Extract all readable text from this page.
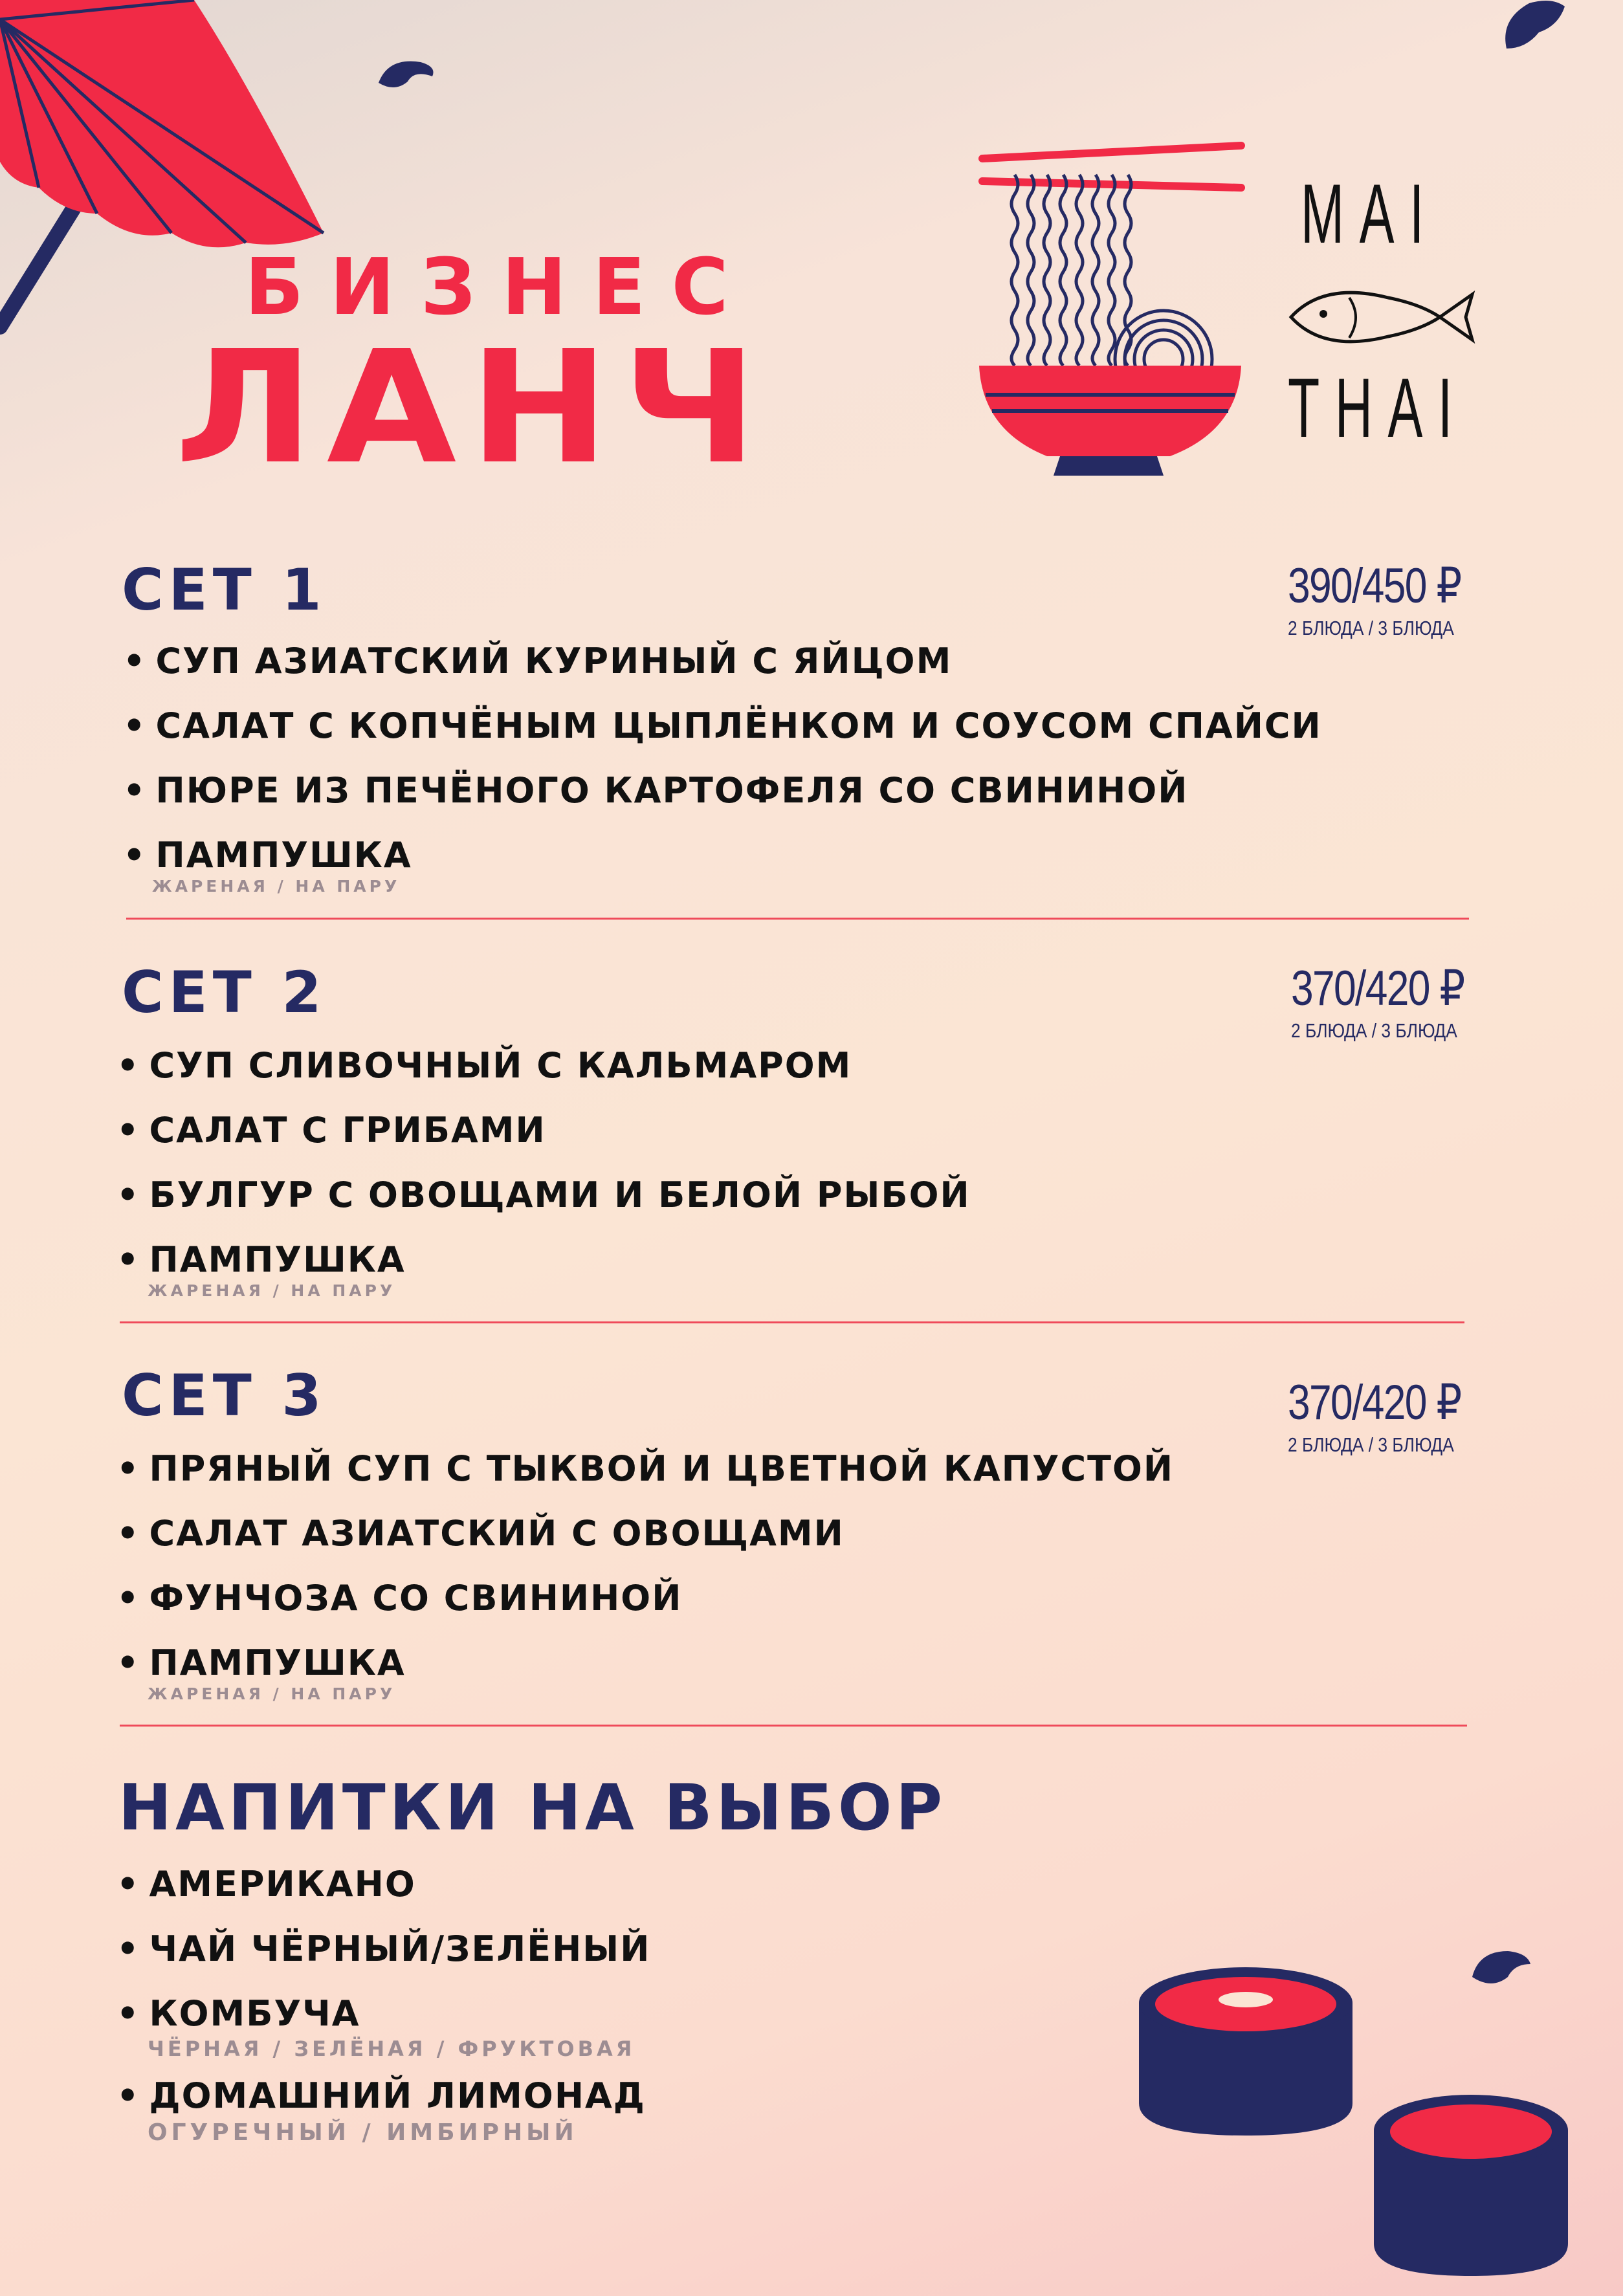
БИЗНЕС
ЛАНЧ
MAI
THAI
СЕТ 1	390/450 ₽
2 БЛЮДА / 3 БЛЮДА
• СУП АЗИАТСКИЙ КУРИНЫЙ С ЯЙЦОМ
• САЛАТ С КОПЧЁНЫМ ЦЫПЛЁНКОМ И СОУСОМ СПАЙСИ
• ПЮРЕ ИЗ ПЕЧЁНОГО КАРТОФЕЛЯ СО СВИНИНОЙ
• ПАМПУШКА
ЖАРЕНАЯ / НА ПАРУ
СЕТ 2	370/420 ₽
2 БЛЮДА / 3 БЛЮДА
• СУП СЛИВОЧНЫЙ С КАЛЬМАРОМ
• САЛАТ С ГРИБАМИ
• БУЛГУР С ОВОЩАМИ И БЕЛОЙ РЫБОЙ
• ПАМПУШКА
ЖАРЕНАЯ / НА ПАРУ
СЕТ 3	370/420 ₽
2 БЛЮДА / 3 БЛЮДА
• ПРЯНЫЙ СУП С ТЫКВОЙ И ЦВЕТНОЙ КАПУСТОЙ
• САЛАТ АЗИАТСКИЙ С ОВОЩАМИ
• ФУНЧОЗА СО СВИНИНОЙ
• ПАМПУШКА
ЖАРЕНАЯ / НА ПАРУ
НАПИТКИ НА ВЫБОР
• АМЕРИКАНО
• ЧАЙ ЧЁРНЫЙ/ЗЕЛЁНЫЙ
• КОМБУЧА
ЧЁРНАЯ / ЗЕЛЁНАЯ / ФРУКТОВАЯ
• ДОМАШНИЙ ЛИМОНАД
ОГУРЕЧНЫЙ / ИМБИРНЫЙ
